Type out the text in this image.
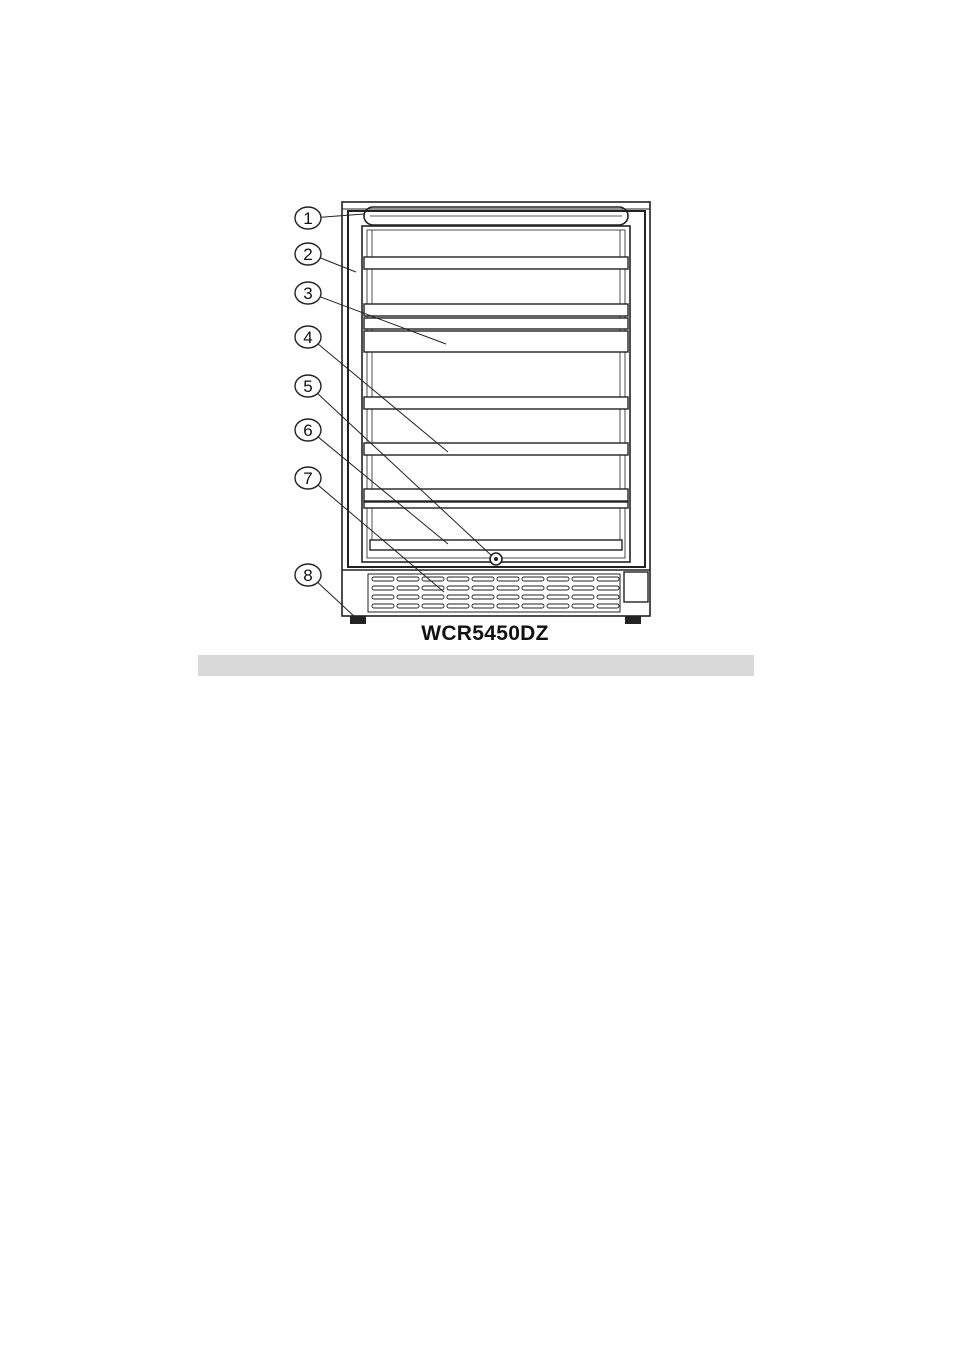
1
2
3
4
5
6
7
8
WCR5450DZ
